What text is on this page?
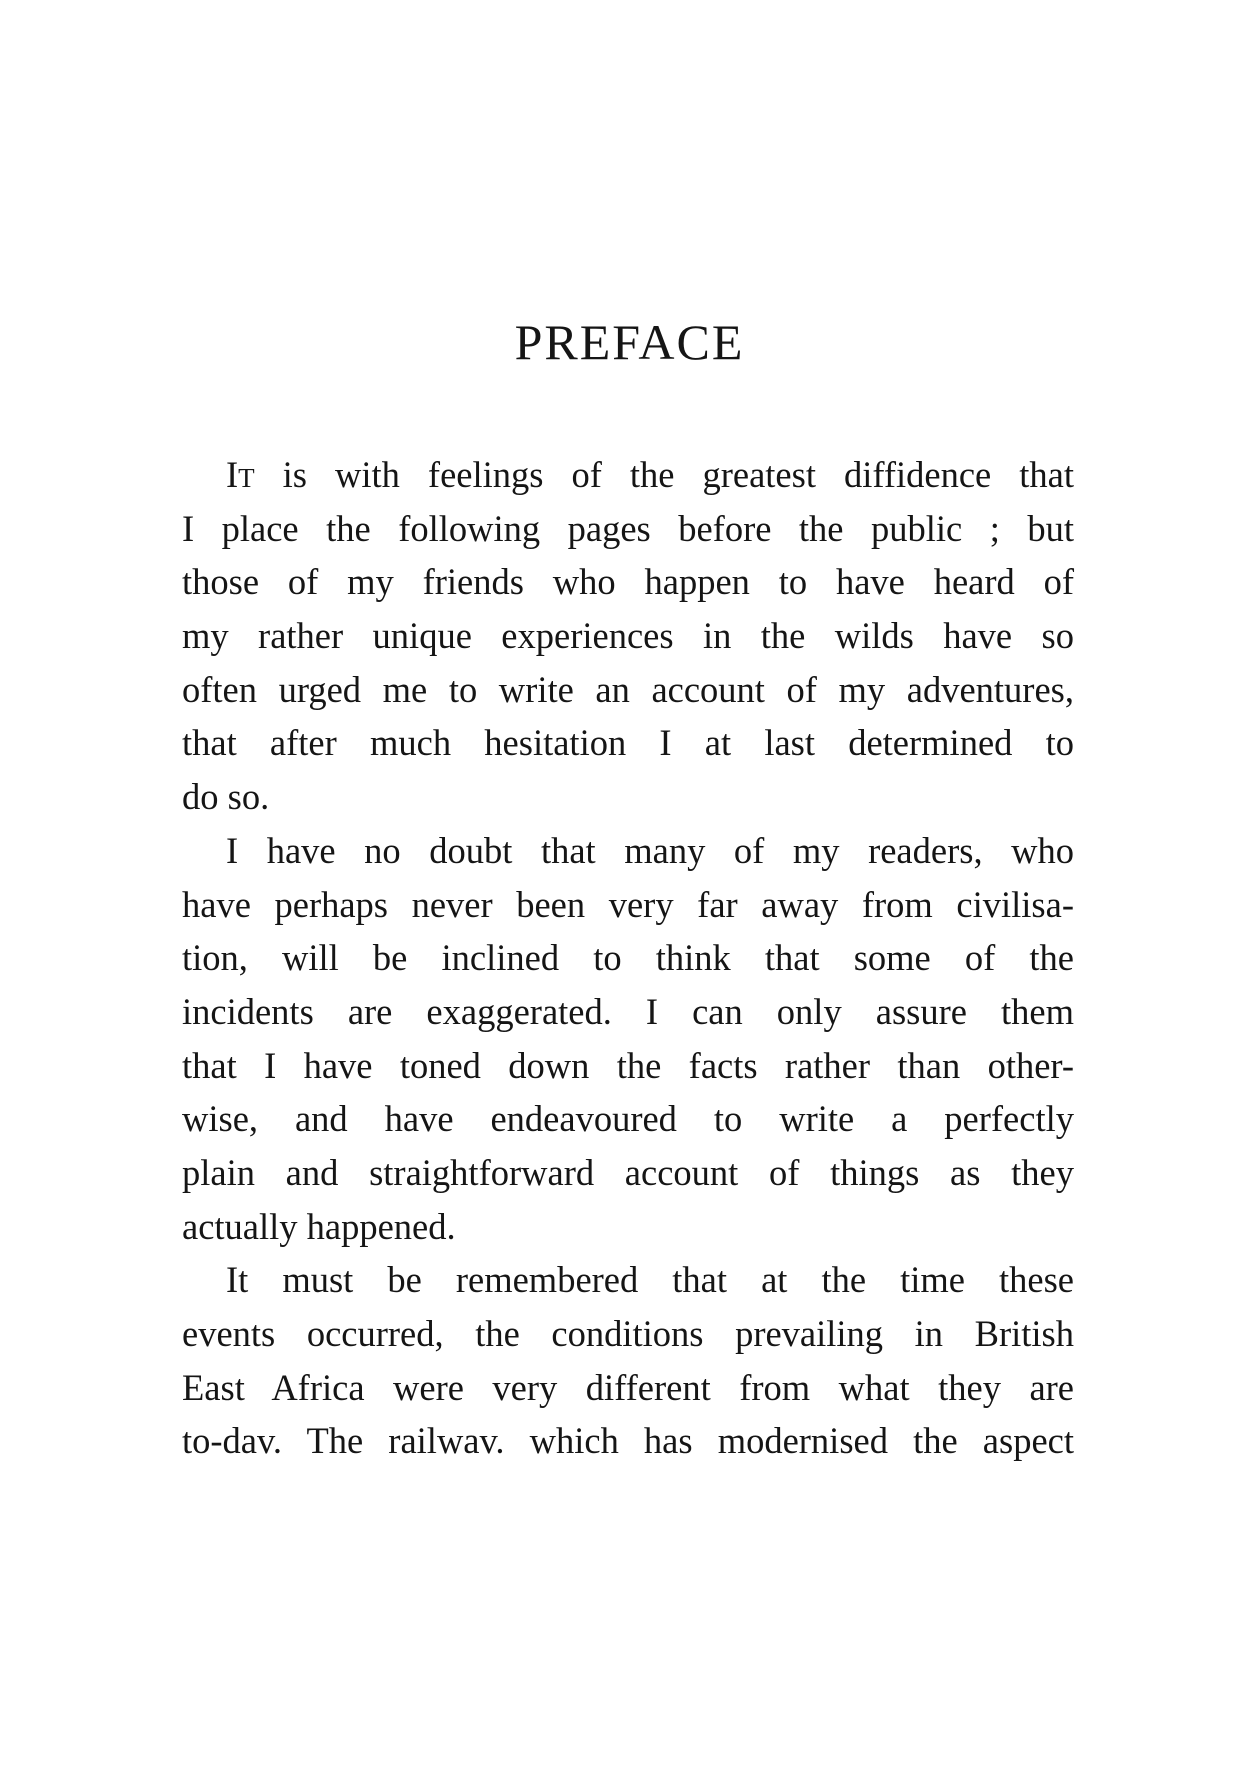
PREFACE
IT is with feelings of the greatest diffidence that
I place the following pages before the public ; but
those of my friends who happen to have heard of
my rather unique experiences in the wilds have so
often urged me to write an account of my adventures,
that after much hesitation I at last determined to
do so.
I have no doubt that many of my readers, who
have perhaps never been very far away from civilisa-
tion, will be inclined to think that some of the
incidents are exaggerated. I can only assure them
that I have toned down the facts rather than other-
wise, and have endeavoured to write a perfectly
plain and straightforward account of things as they
actually happened.
It must be remembered that at the time these
events occurred, the conditions prevailing in British
East Africa were very different from what they are
to-dav. The railwav. which has modernised the aspect
